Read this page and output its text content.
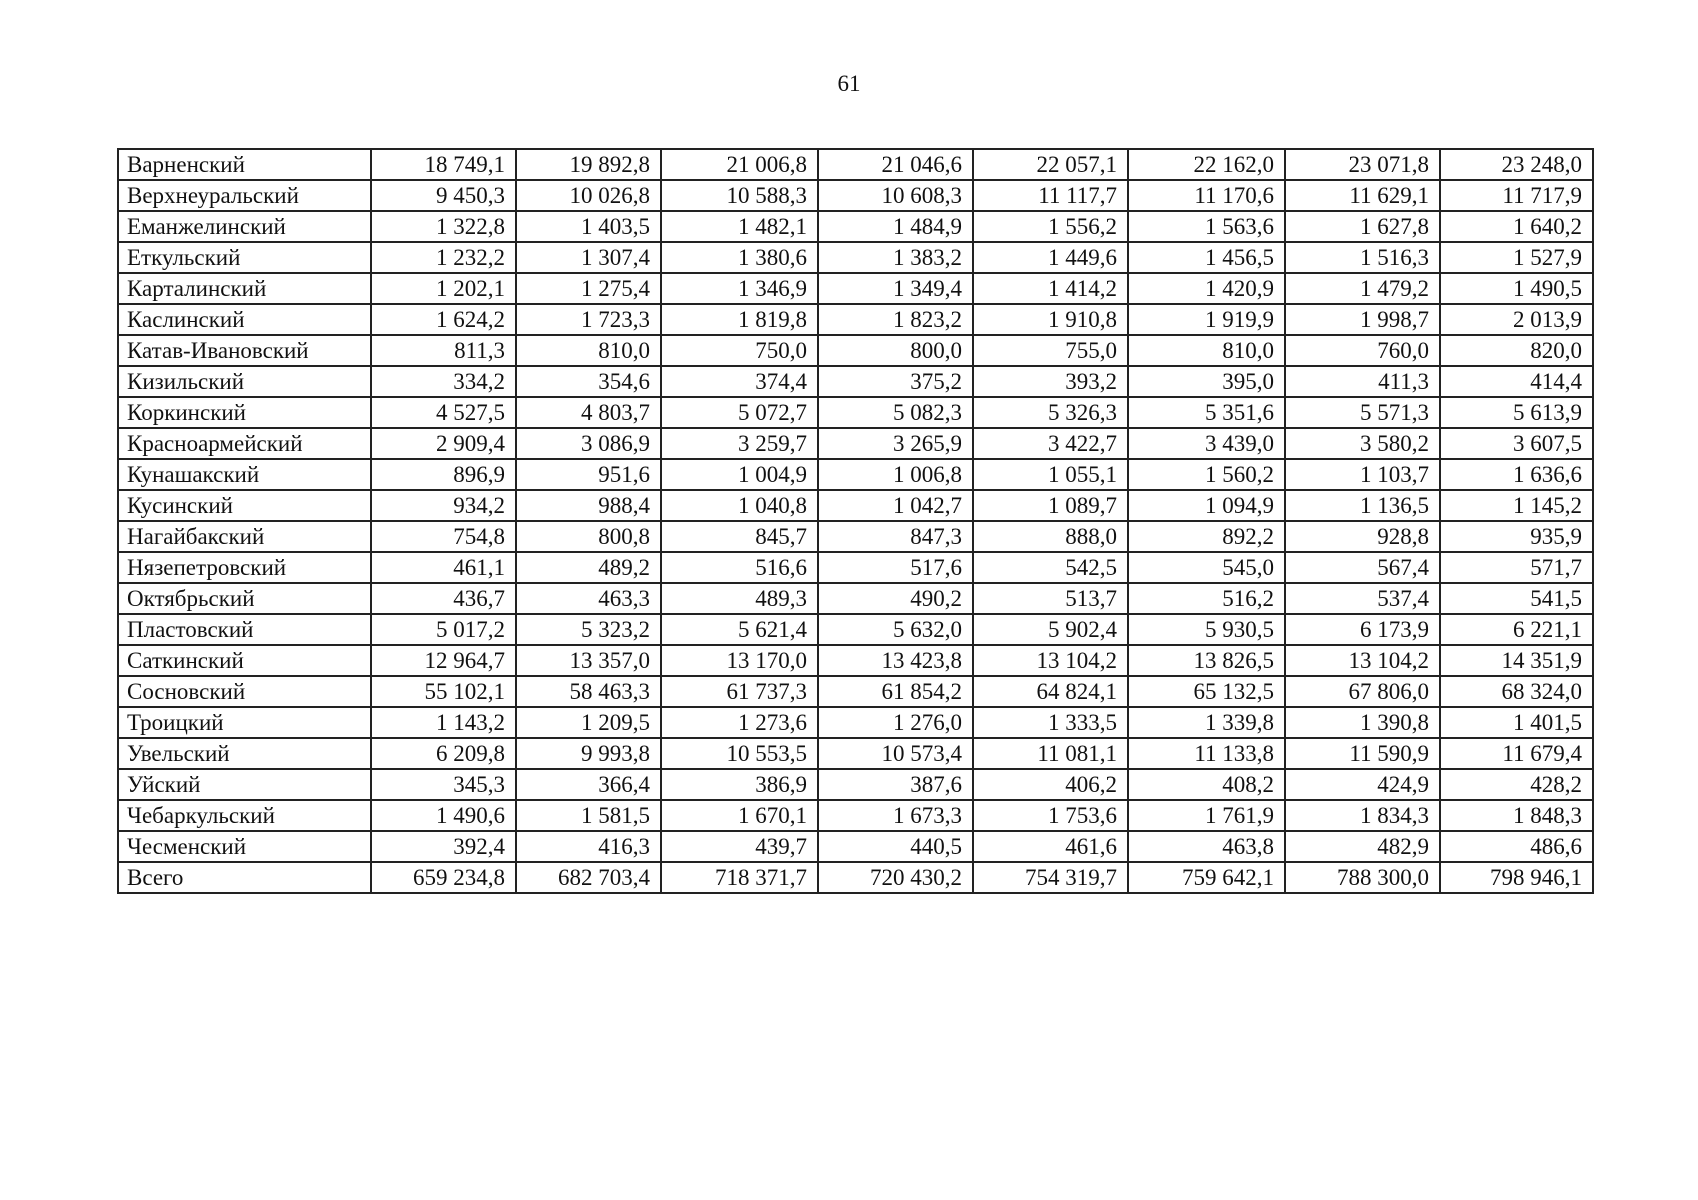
61
Варненский	18 749,1	19 892,8	21 006,8	21 046,6	22 057,1	22 162,0	23 071,8	23 248,0
Верхнеуральский	9 450,3	10 026,8	10 588,3	10 608,3	11 117,7	11 170,6	11 629,1	11 717,9
Еманжелинский	1 322,8	1 403,5	1 482,1	1 484,9	1 556,2	1 563,6	1 627,8	1 640,2
Еткульский	1 232,2	1 307,4	1 380,6	1 383,2	1 449,6	1 456,5	1 516,3	1 527,9
Карталинский	1 202,1	1 275,4	1 346,9	1 349,4	1 414,2	1 420,9	1 479,2	1 490,5
Каслинский	1 624,2	1 723,3	1 819,8	1 823,2	1 910,8	1 919,9	1 998,7	2 013,9
Катав-Ивановский	811,3	810,0	750,0	800,0	755,0	810,0	760,0	820,0
Кизильский	334,2	354,6	374,4	375,2	393,2	395,0	411,3	414,4
Коркинский	4 527,5	4 803,7	5 072,7	5 082,3	5 326,3	5 351,6	5 571,3	5 613,9
Красноармейский	2 909,4	3 086,9	3 259,7	3 265,9	3 422,7	3 439,0	3 580,2	3 607,5
Кунашакский	896,9	951,6	1 004,9	1 006,8	1 055,1	1 560,2	1 103,7	1 636,6
Кусинский	934,2	988,4	1 040,8	1 042,7	1 089,7	1 094,9	1 136,5	1 145,2
Нагайбакский	754,8	800,8	845,7	847,3	888,0	892,2	928,8	935,9
Нязепетровский	461,1	489,2	516,6	517,6	542,5	545,0	567,4	571,7
Октябрьский	436,7	463,3	489,3	490,2	513,7	516,2	537,4	541,5
Пластовский	5 017,2	5 323,2	5 621,4	5 632,0	5 902,4	5 930,5	6 173,9	6 221,1
Саткинский	12 964,7	13 357,0	13 170,0	13 423,8	13 104,2	13 826,5	13 104,2	14 351,9
Сосновский	55 102,1	58 463,3	61 737,3	61 854,2	64 824,1	65 132,5	67 806,0	68 324,0
Троицкий	1 143,2	1 209,5	1 273,6	1 276,0	1 333,5	1 339,8	1 390,8	1 401,5
Увельский	6 209,8	9 993,8	10 553,5	10 573,4	11 081,1	11 133,8	11 590,9	11 679,4
Уйский	345,3	366,4	386,9	387,6	406,2	408,2	424,9	428,2
Чебаркульский	1 490,6	1 581,5	1 670,1	1 673,3	1 753,6	1 761,9	1 834,3	1 848,3
Чесменский	392,4	416,3	439,7	440,5	461,6	463,8	482,9	486,6
Всего	659 234,8	682 703,4	718 371,7	720 430,2	754 319,7	759 642,1	788 300,0	798 946,1
